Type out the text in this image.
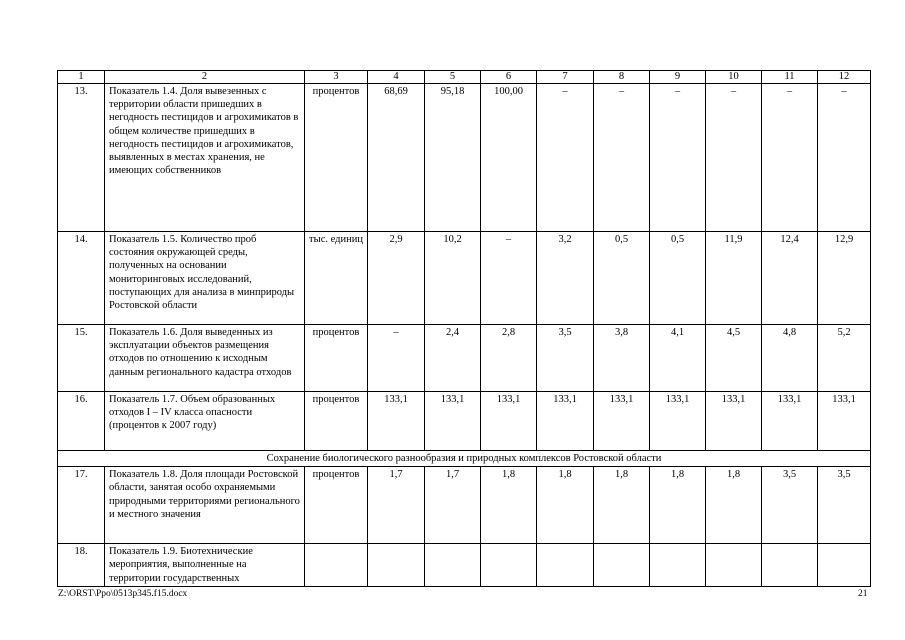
1	2	3	4	5	6	7	8	9	10	11	12
13.	Показатель 1.4. Доля вывезенных с территории области пришедших в негодность пестицидов и агрохимикатов в общем количестве пришедших в негодность пестицидов и агрохимикатов, выявленных в местах хранения, не имеющих собственников	процентов	68,69	95,18	100,00	–	–	–	–	–	–
14.	Показатель 1.5. Количество проб состояния окружающей среды, полученных на основании мониторинговых исследований, поступающих для анализа в минприроды Ростовской области	тыс. единиц	2,9	10,2	–	3,2	0,5	0,5	11,9	12,4	12,9
15.	Показатель 1.6. Доля выведенных из эксплуатации объектов размещения отходов по отношению к исходным данным регионального кадастра отходов	процентов	–	2,4	2,8	3,5	3,8	4,1	4,5	4,8	5,2
16.	Показатель 1.7. Объем образованных отходов I – IV класса опасности (процентов к 2007 году)	процентов	133,1	133,1	133,1	133,1	133,1	133,1	133,1	133,1	133,1
Сохранение биологического разнообразия и природных комплексов Ростовской области											
17.	Показатель 1.8. Доля площади Ростовской области, занятая особо охраняемыми природными территориями регионального и местного значения	процентов	1,7	1,7	1,8	1,8	1,8	1,8	1,8	3,5	3,5
18.	Показатель 1.9. Биотехнические мероприятия, выполненные на территории государственных										
Z:\ORST\Ppo\0513p345.f15.docx	21
